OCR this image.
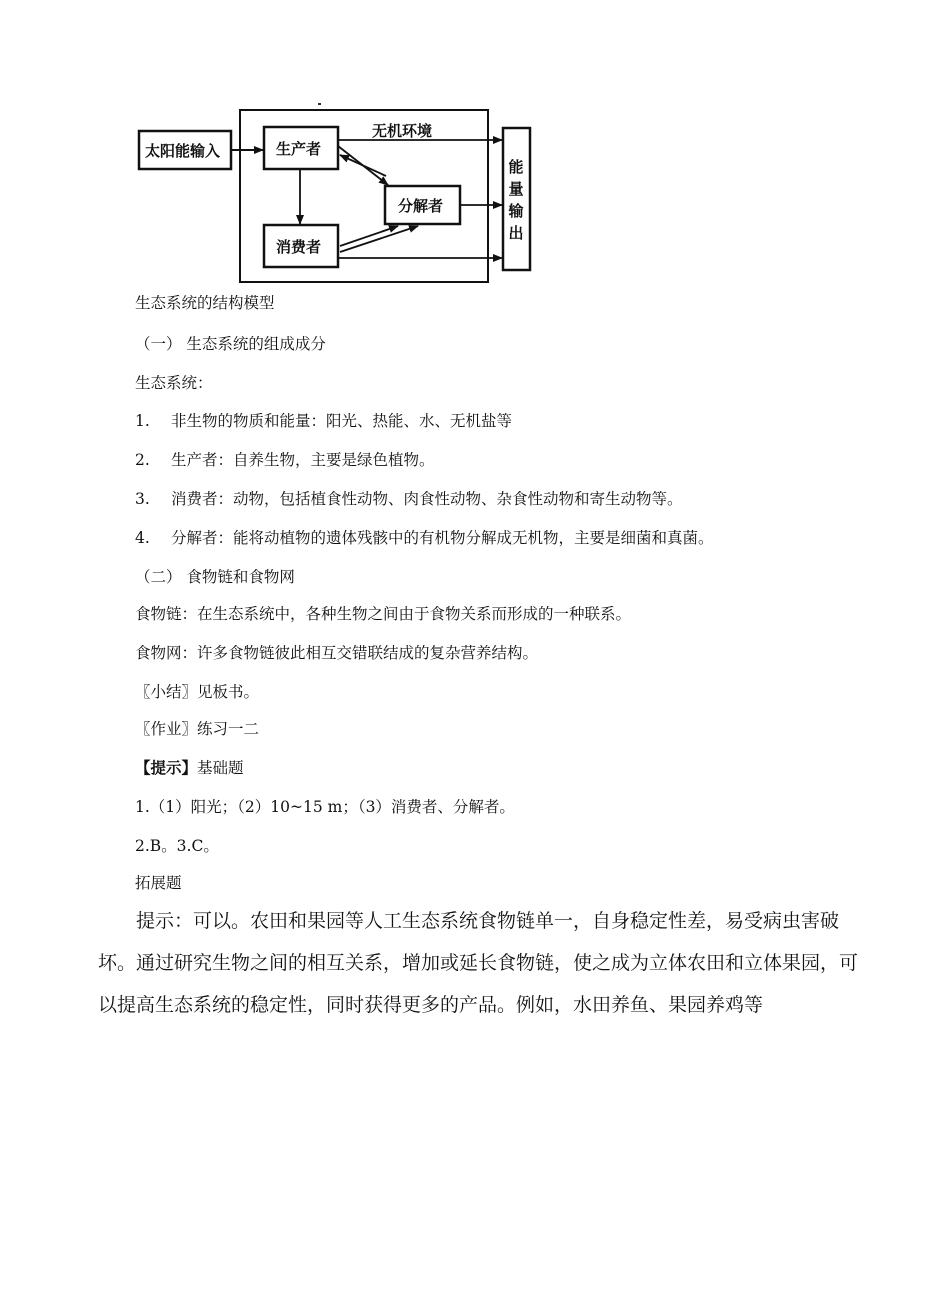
太阳能输入	生产者
无机环境
分解者
消费者
能量输出
生态系统的结构模型
（一） 生态系统的组成成分
生态系统：
1. 非生物的物质和能量：阳光、热能、水、无机盐等
2. 生产者：自养生物，主要是绿色植物。
3. 消费者：动物，包括植食性动物、肉食性动物、杂食性动物和寄生动物等。
4. 分解者：能将动植物的遗体残骸中的有机物分解成无机物，主要是细菌和真菌。
（二） 食物链和食物网
食物链：在生态系统中，各种生物之间由于食物关系而形成的一种联系。
食物网：许多食物链彼此相互交错联结成的复杂营养结构。
〖小结〗见板书。
〖作业〗练习一二
【提示】基础题
1.（1）阳光；（2）10~15 m；（3）消费者、分解者。
2.B。3.C。
拓展题
提示：可以。农田和果园等人工生态系统食物链单一，自身稳定性差，易受病虫害破坏。通过研究生物之间的相互关系，增加或延长食物链，使之成为立体农田和立体果园，可以提高生态系统的稳定性，同时获得更多的产品。例如，水田养鱼、果园养鸡等
